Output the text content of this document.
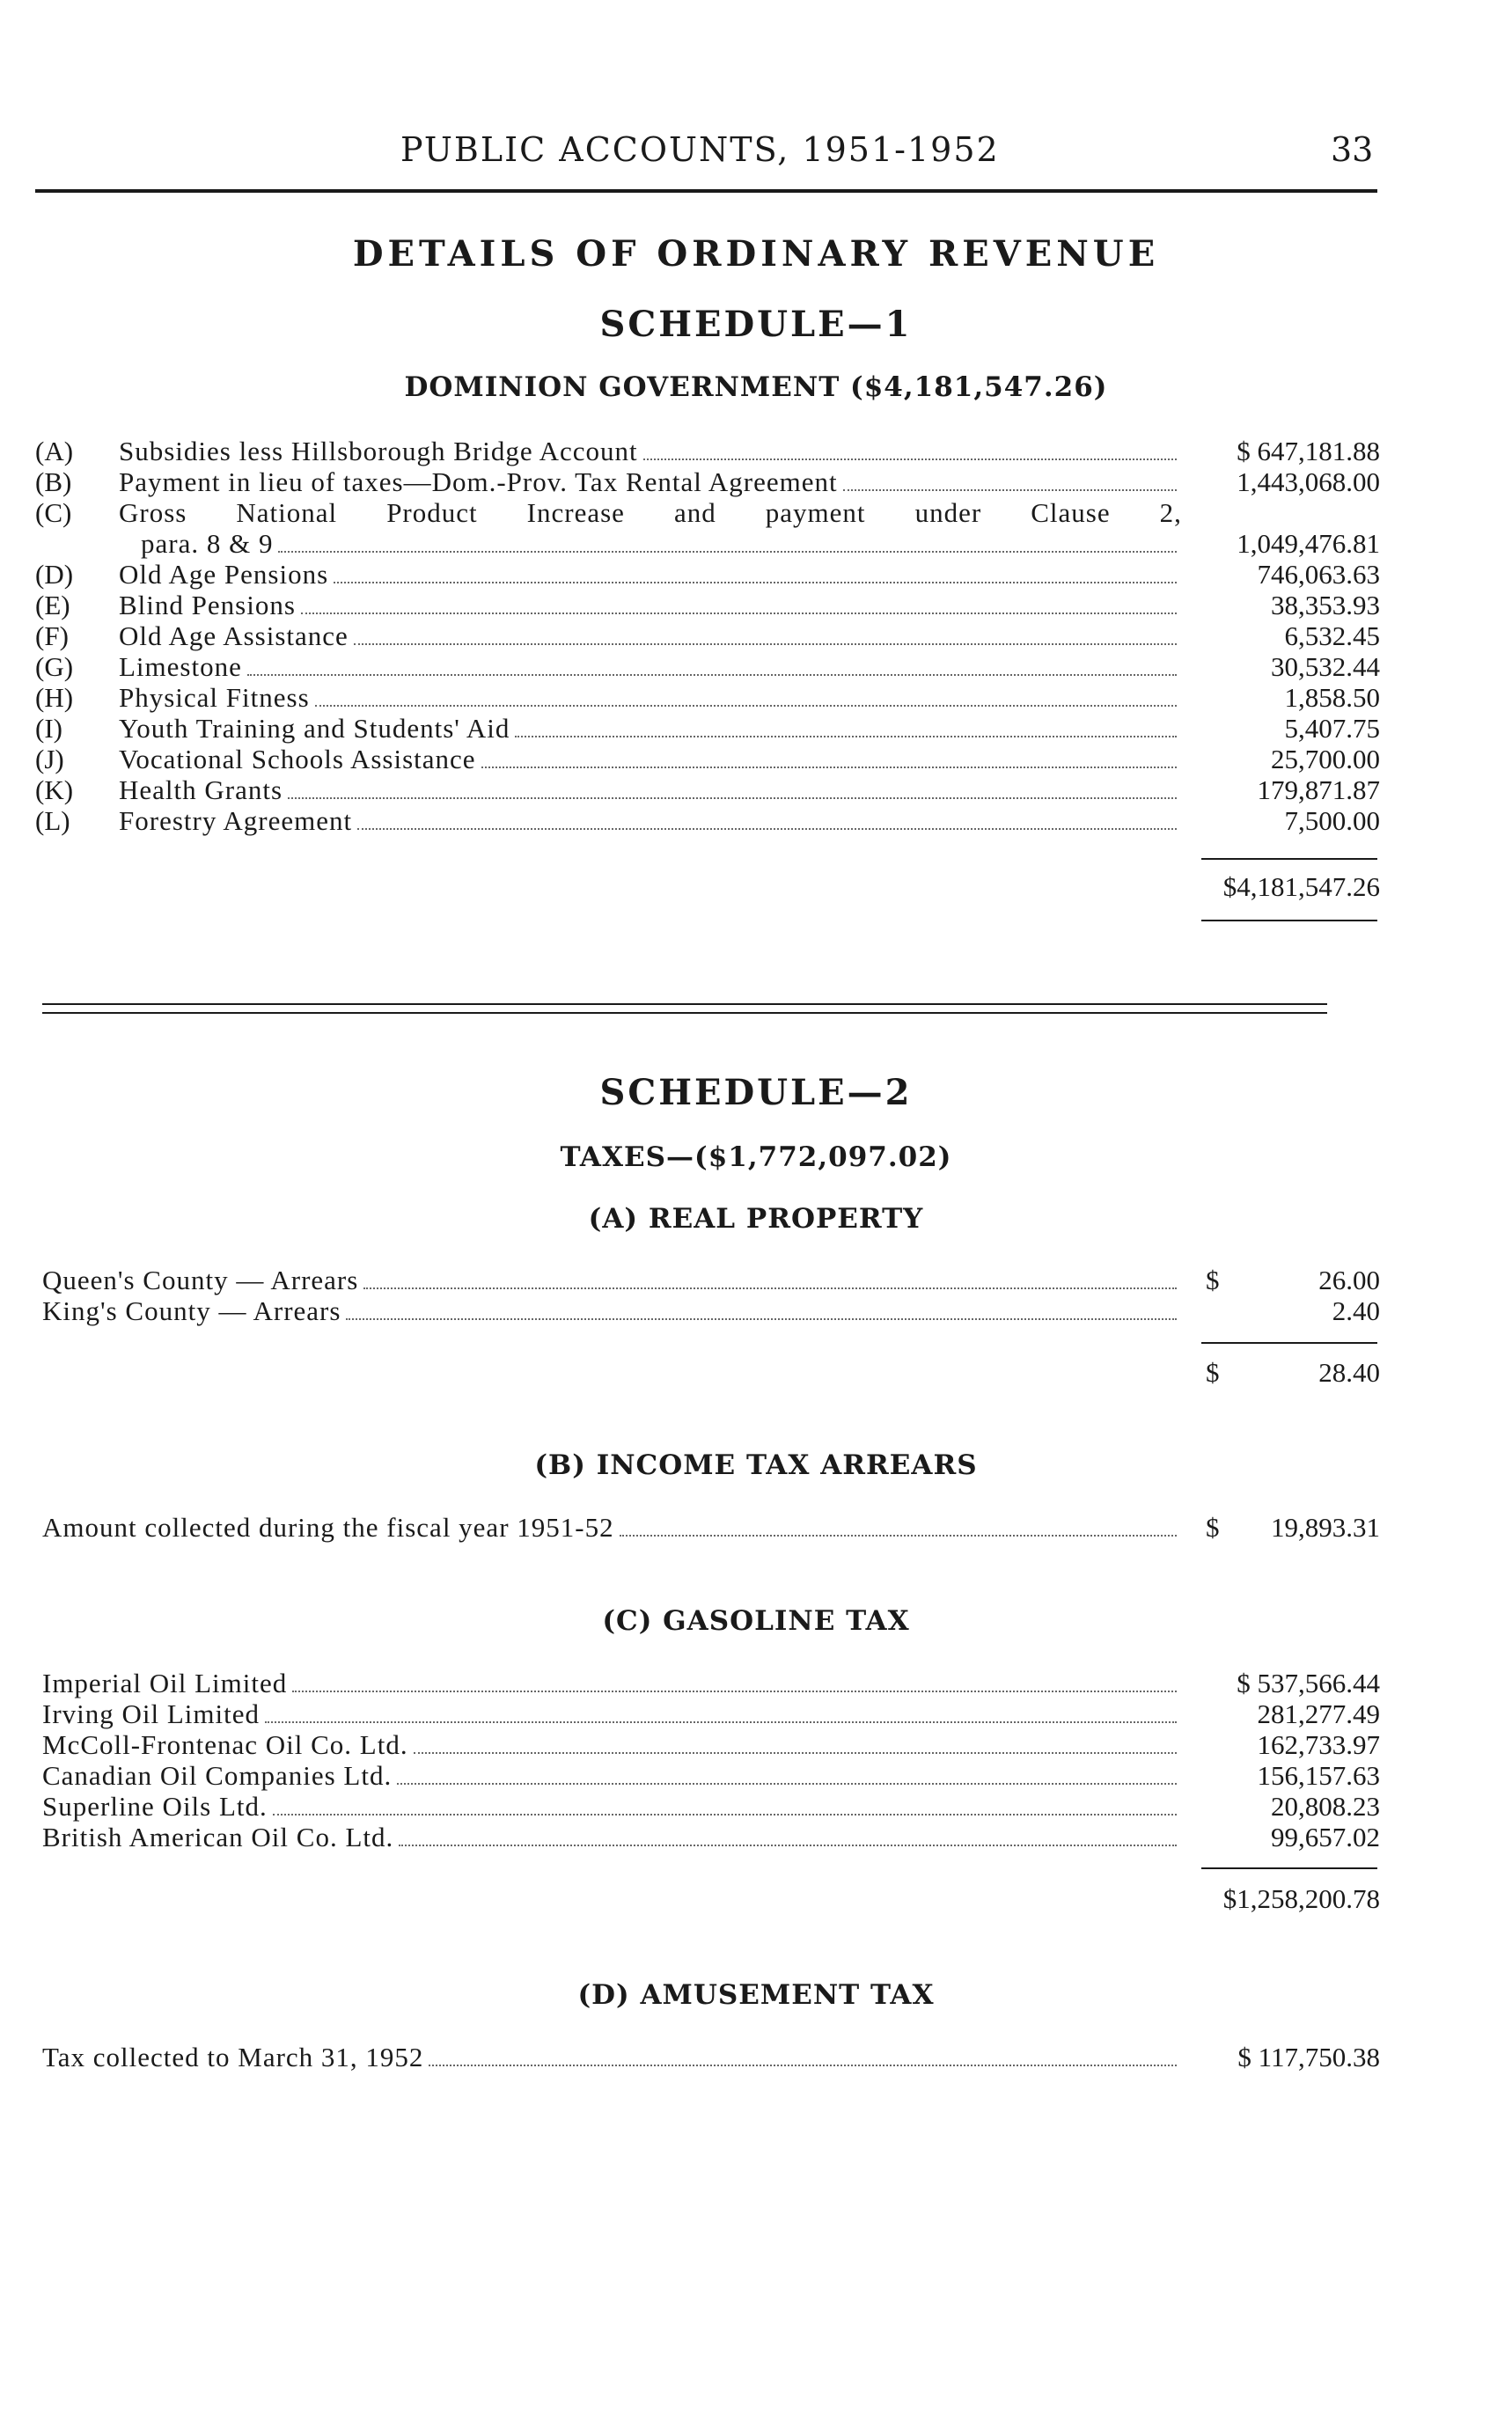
PUBLIC ACCOUNTS, 1951-1952	33
DETAILS OF ORDINARY REVENUE
SCHEDULE—1
DOMINION GOVERNMENT ($4,181,547.26)
(A)	Subsidies less Hillsborough Bridge Account	$ 647,181.88
(B)	Payment in lieu of taxes—Dom.-Prov. Tax Rental Agreement	1,443,068.00
(C)	Gross National Product Increase and payment under Clause 2,
para. 8 & 9	1,049,476.81
(D)	Old Age Pensions	746,063.63
(E)	Blind Pensions	38,353.93
(F)	Old Age Assistance	6,532.45
(G)	Limestone	30,532.44
(H)	Physical Fitness	1,858.50
(I)	Youth Training and Students' Aid	5,407.75
(J)	Vocational Schools Assistance	25,700.00
(K)	Health Grants	179,871.87
(L)	Forestry Agreement	7,500.00
$4,181,547.26
SCHEDULE—2
TAXES—($1,772,097.02)
(A) REAL PROPERTY
Queen's County — Arrears	$	26.00
King's County — Arrears	2.40
$	28.40
(B) INCOME TAX ARREARS
Amount collected during the fiscal year 1951-52	$	19,893.31
(C) GASOLINE TAX
Imperial Oil Limited	$ 537,566.44
Irving Oil Limited	281,277.49
McColl-Frontenac Oil Co. Ltd.	162,733.97
Canadian Oil Companies Ltd.	156,157.63
Superline Oils Ltd.	20,808.23
British American Oil Co. Ltd.	99,657.02
$1,258,200.78
(D) AMUSEMENT TAX
Tax collected to March 31, 1952	$ 117,750.38
